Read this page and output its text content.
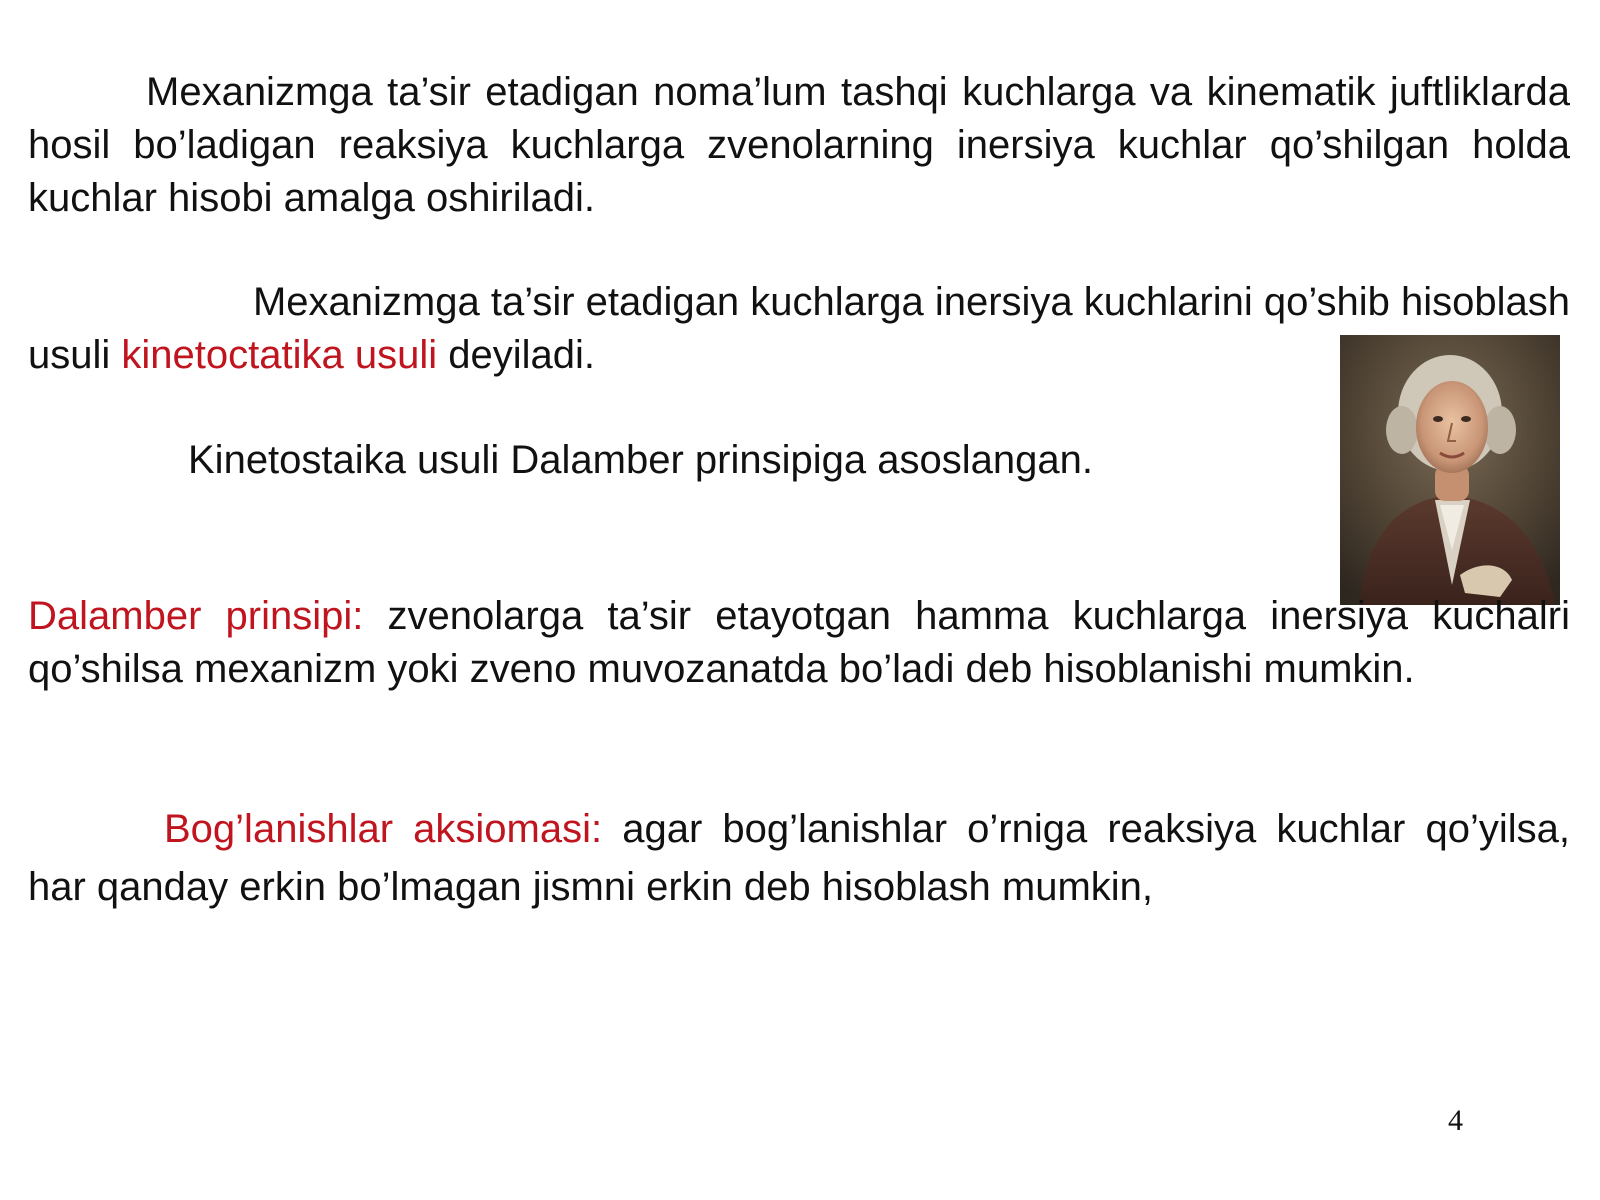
Mexanizmga ta’sir etadigan noma’lum tashqi kuchlarga va kinematik juftliklarda hosil bo’ladigan reaksiya kuchlarga zvenolarning inersiya kuchlar qo’shilgan holda kuchlar hisobi amalga oshiriladi.

Mexanizmga ta’sir etadigan kuchlarga inersiya kuchlarini qo’shib hisoblash
usuli kinetoctatika usuli deyiladi.

Kinetostaika usuli Dalamber prinsipiga asoslangan.

Dalamber prinsipi: zvenolarga ta’sir etayotgan hamma kuchlarga inersiya kuchalri qo’shilsa mexanizm yoki zveno muvozanatda bo’ladi deb hisoblanishi mumkin.

Bog’lanishlar aksiomasi: agar bog’lanishlar o’rniga reaksiya kuchlar qo’yilsa, har qanday erkin bo’lmagan jismni erkin deb hisoblash mumkin,

4
